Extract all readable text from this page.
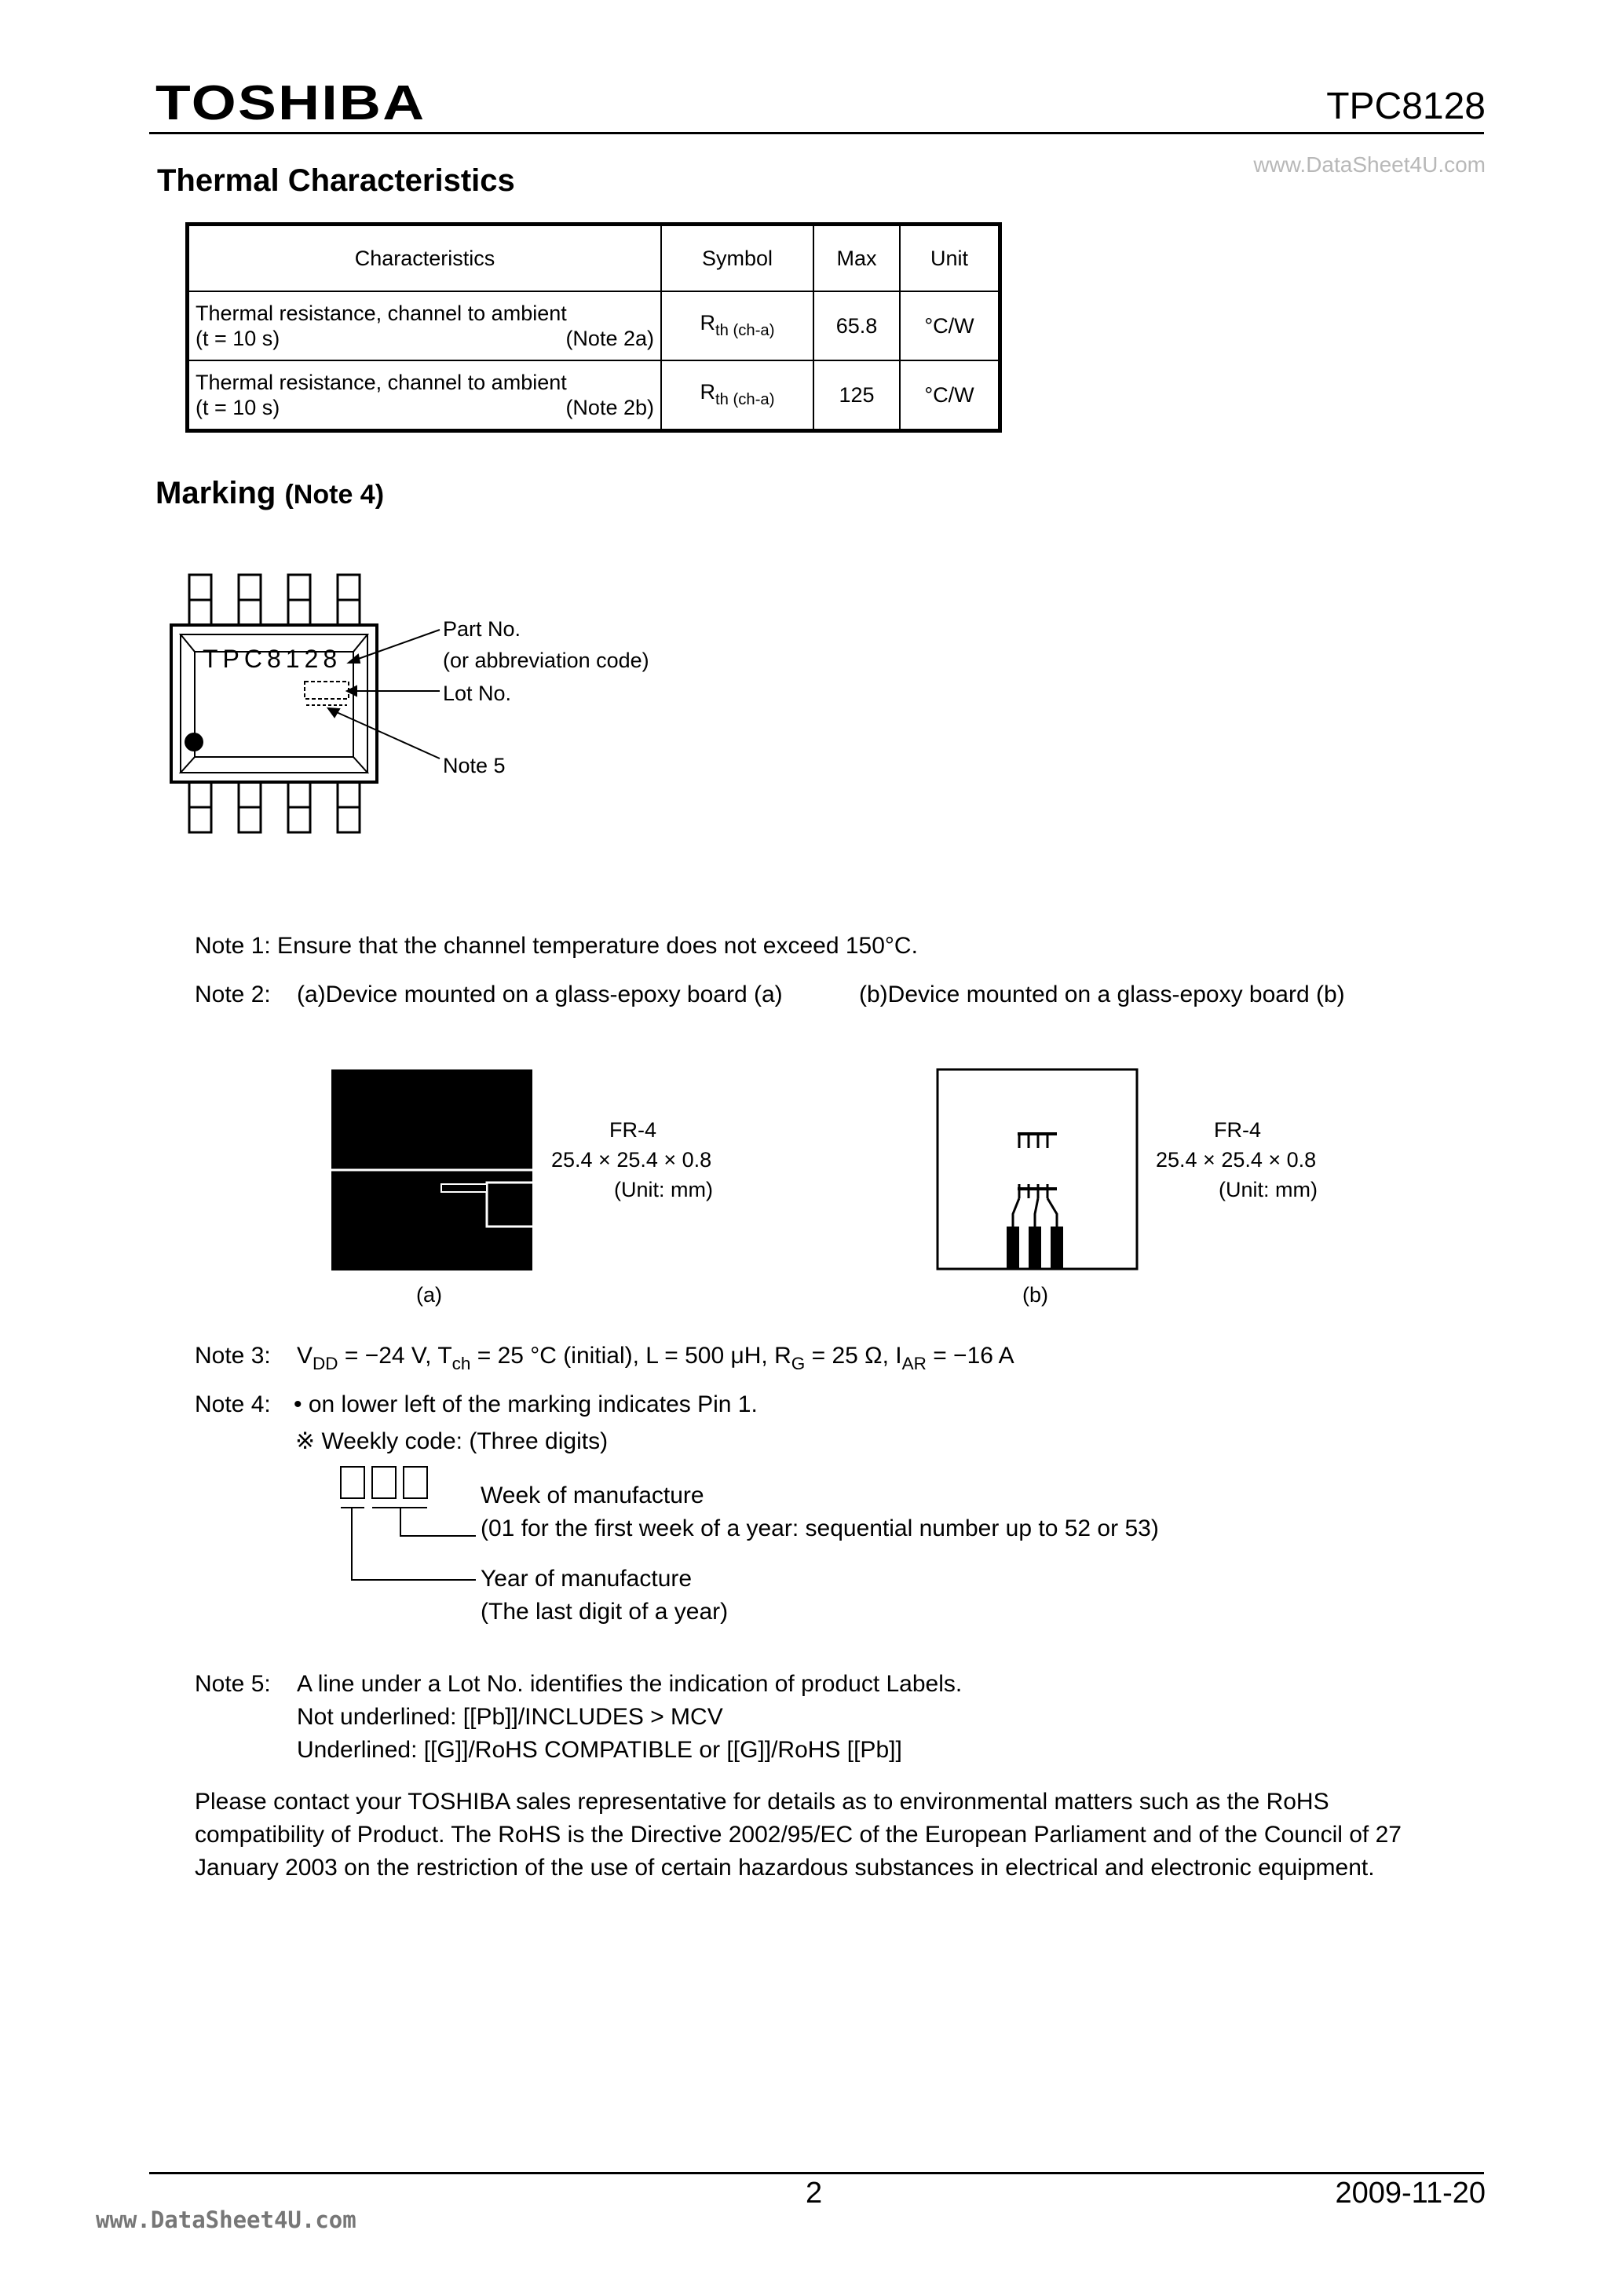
TOSHIBA	TPC8128
www.DataSheet4U.com
Thermal Characteristics
Characteristics	Symbol	Max	Unit

Thermal resistance, channel to ambient
(t = 10 s) (Note 2a)	$R_{th (ch-a)}$	65.8	°C/W

Thermal resistance, channel to ambient
(t = 10 s) (Note 2b)	$R_{th (ch-a)}$	125	°C/W
Marking (Note 4)
TPC8128
Part No.
(or abbreviation code)
Lot No.
Note 5
Note 1: Ensure that the channel temperature does not exceed 150°C.
Note 2: (a)Device mounted on a glass-epoxy board (a)	(b)Device mounted on a glass-epoxy board (b)
FR-4
25.4 × 25.4 × 0.8
(Unit: mm)
(a)
FR-4
25.4 × 25.4 × 0.8
(Unit: mm)
(b)
Note 3: $V_{DD} = -24$ V, $T_{ch} = 25$ °C (initial), L = 500 μH, $R_G = 25$ Ω, $I_{AR} = -16$ A
Note 4: • on lower left of the marking indicates Pin 1.
※ Weekly code: (Three digits)
Week of manufacture
(01 for the first week of a year: sequential number up to 52 or 53)
Year of manufacture
(The last digit of a year)
Note 5: A line under a Lot No. identifies the indication of product Labels.
Not underlined: [[Pb]]/INCLUDES > MCV
Underlined: [[G]]/RoHS COMPATIBLE or [[G]]/RoHS [[Pb]]
Please contact your TOSHIBA sales representative for details as to environmental matters such as the RoHS
compatibility of Product. The RoHS is the Directive 2002/95/EC of the European Parliament and of the Council of 27
January 2003 on the restriction of the use of certain hazardous substances in electrical and electronic equipment.
2	2009-11-20
www.DataSheet4U.com
